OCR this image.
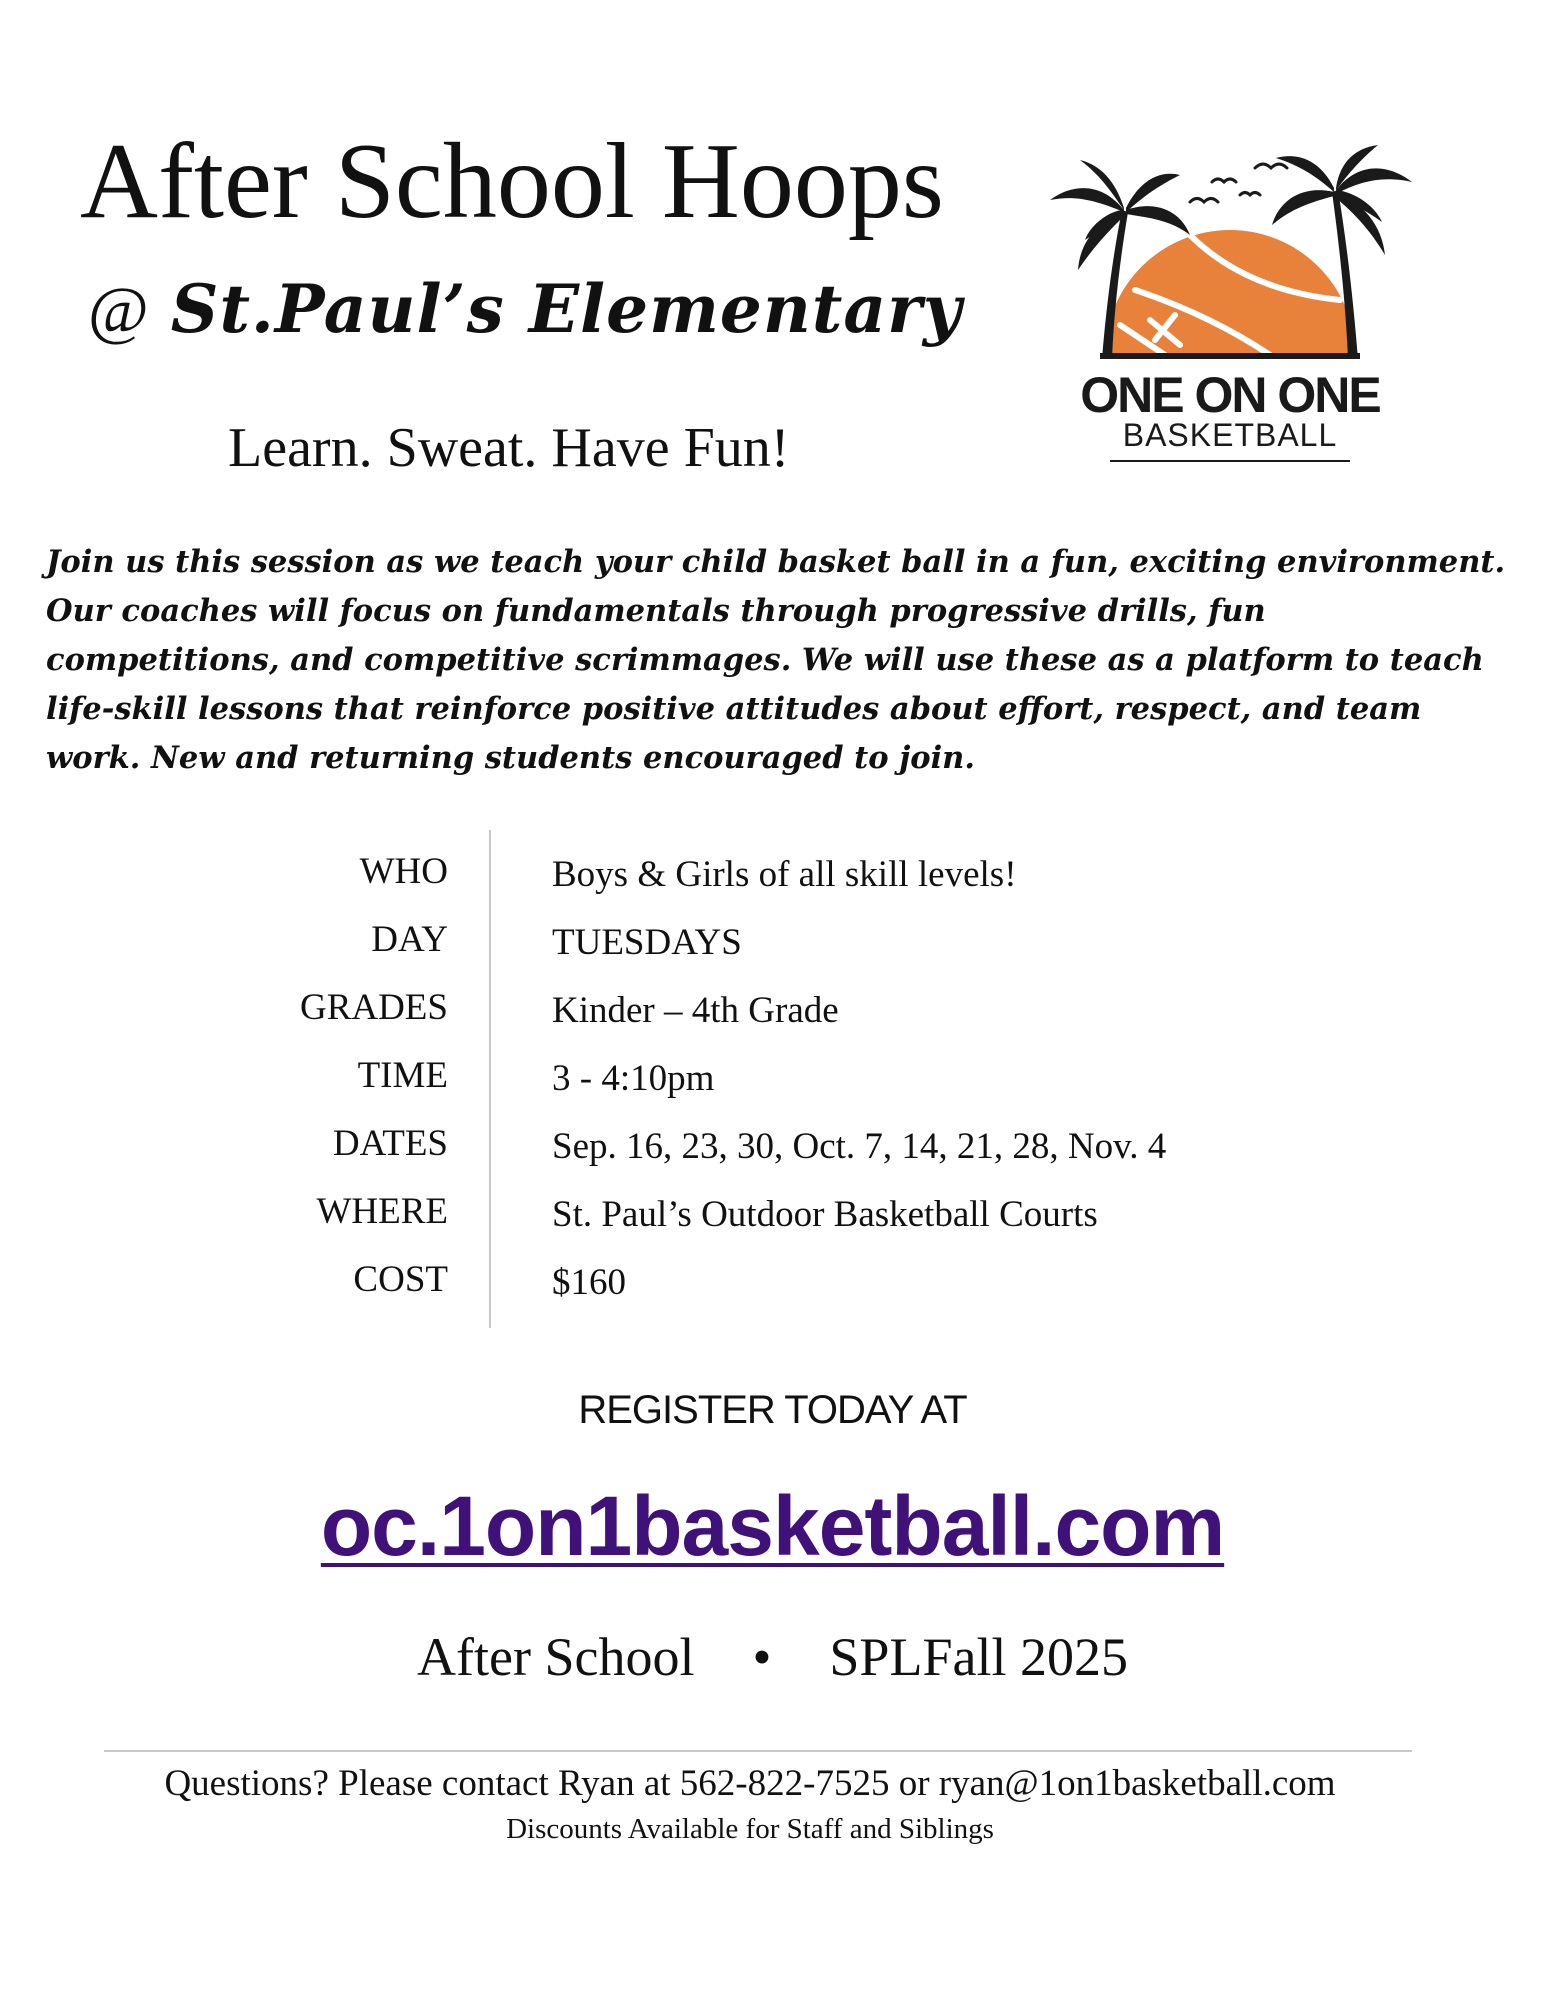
After School Hoops
@ St.Paul’s Elementary
Learn. Sweat. Have Fun!
ONE ON ONE
BASKETBALL

Join us this session as we teach your child basket ball in a fun, exciting environment. Our coaches will focus on fundamentals through progressive drills, fun competitions, and competitive scrimmages. We will use these as a platform to teach life-skill lessons that reinforce positive attitudes about effort, respect, and team work. New and returning students encouraged to join.

WHO	Boys & Girls of all skill levels!
DAY	TUESDAYS
GRADES	Kinder – 4th Grade
TIME	3 - 4:10pm
DATES	Sep. 16, 23, 30, Oct. 7, 14, 21, 28, Nov. 4
WHERE	St. Paul’s Outdoor Basketball Courts
COST	$160
REGISTER TODAY AT
oc.1on1basketball.com
After School • SPLFall 2025
Questions? Please contact Ryan at 562-822-7525 or ryan@1on1basketball.com
Discounts Available for Staff and Siblings
